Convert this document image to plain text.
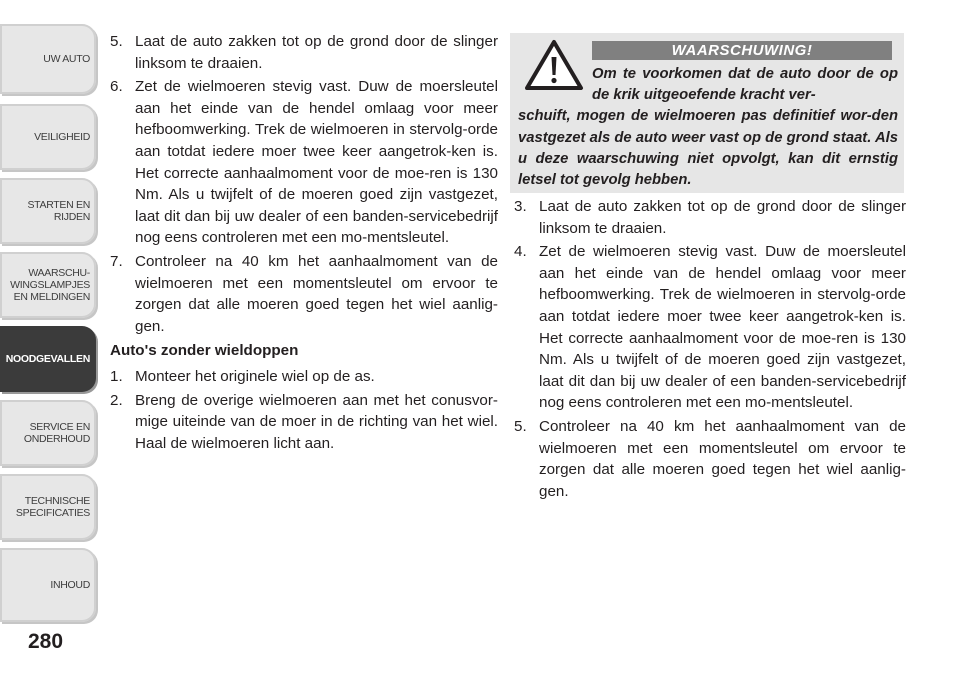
UW AUTO
VEILIGHEID
STARTEN EN
RIJDEN
WAARSCHU-
WINGSLAMPJES
EN MELDINGEN
NOODGEVALLEN
SERVICE EN
ONDERHOUD
TECHNISCHE
SPECIFICATIES
INHOUD
280
5. Laat de auto zakken tot op de grond door de slinger linksom te draaien.
6. Zet de wielmoeren stevig vast. Duw de moersleutel aan het einde van de hendel omlaag voor meer hefboomwerking. Trek de wielmoeren in stervolg-orde aan totdat iedere moer twee keer aangetrok-ken is. Het correcte aanhaalmoment voor de moe-ren is 130 Nm. Als u twijfelt of de moeren goed zijn vastgezet, laat dit dan bij uw dealer of een banden-servicebedrijf nog eens controleren met een mo-mentsleutel.
7. Controleer na 40 km het aanhaalmoment van de wielmoeren met een momentsleutel om ervoor te zorgen dat alle moeren goed tegen het wiel aanlig-gen.
Auto's zonder wieldoppen
1. Monteer het originele wiel op de as.
2. Breng de overige wielmoeren aan met het conusvor-mige uiteinde van de moer in de richting van het wiel. Haal de wielmoeren licht aan.
WAARSCHUWING!
Om te voorkomen dat de auto door de op de krik uitgeoefende kracht ver-
schuift, mogen de wielmoeren pas definitief wor-den vastgezet als de auto weer vast op de grond staat. Als u deze waarschuwing niet opvolgt, kan dit ernstig letsel tot gevolg hebben.
3. Laat de auto zakken tot op de grond door de slinger linksom te draaien.
4. Zet de wielmoeren stevig vast. Duw de moersleutel aan het einde van de hendel omlaag voor meer hefboomwerking. Trek de wielmoeren in stervolg-orde aan totdat iedere moer twee keer aangetrok-ken is. Het correcte aanhaalmoment voor de moe-ren is 130 Nm. Als u twijfelt of de moeren goed zijn vastgezet, laat dit dan bij uw dealer of een banden-servicebedrijf nog eens controleren met een mo-mentsleutel.
5. Controleer na 40 km het aanhaalmoment van de wielmoeren met een momentsleutel om ervoor te zorgen dat alle moeren goed tegen het wiel aanlig-gen.
